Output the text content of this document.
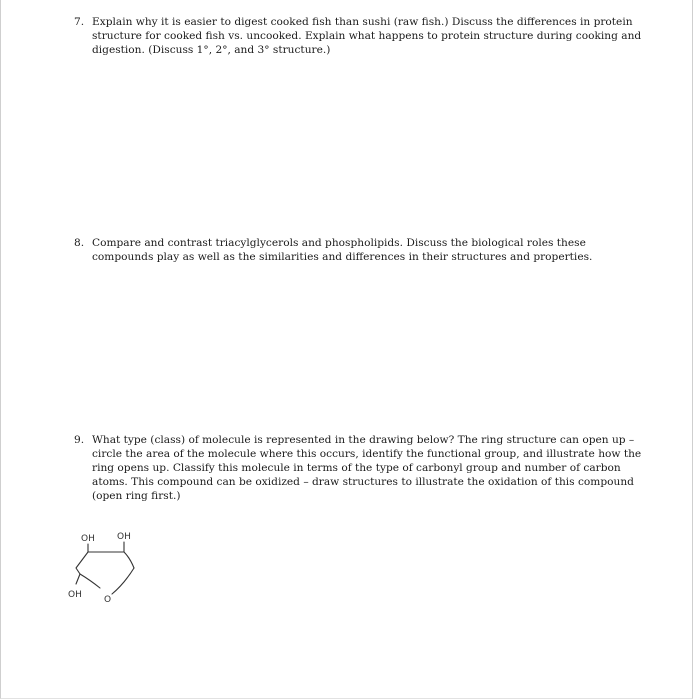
7. Explain why it is easier to digest cooked fish than sushi (raw fish.) Discuss the differences in protein structure for cooked fish vs. uncooked. Explain what happens to protein structure during cooking and digestion. (Discuss 1°, 2°, and 3° structure.)
8. Compare and contrast triacylglycerols and phospholipids. Discuss the biological roles these compounds play as well as the similarities and differences in their structures and properties.
9. What type (class) of molecule is represented in the drawing below? The ring structure can open up – circle the area of the molecule where this occurs, identify the functional group, and illustrate how the ring opens up. Classify this molecule in terms of the type of carbonyl group and number of carbon atoms. This compound can be oxidized – draw structures to illustrate the oxidation of this compound (open ring first.)
OH OH
OH O
